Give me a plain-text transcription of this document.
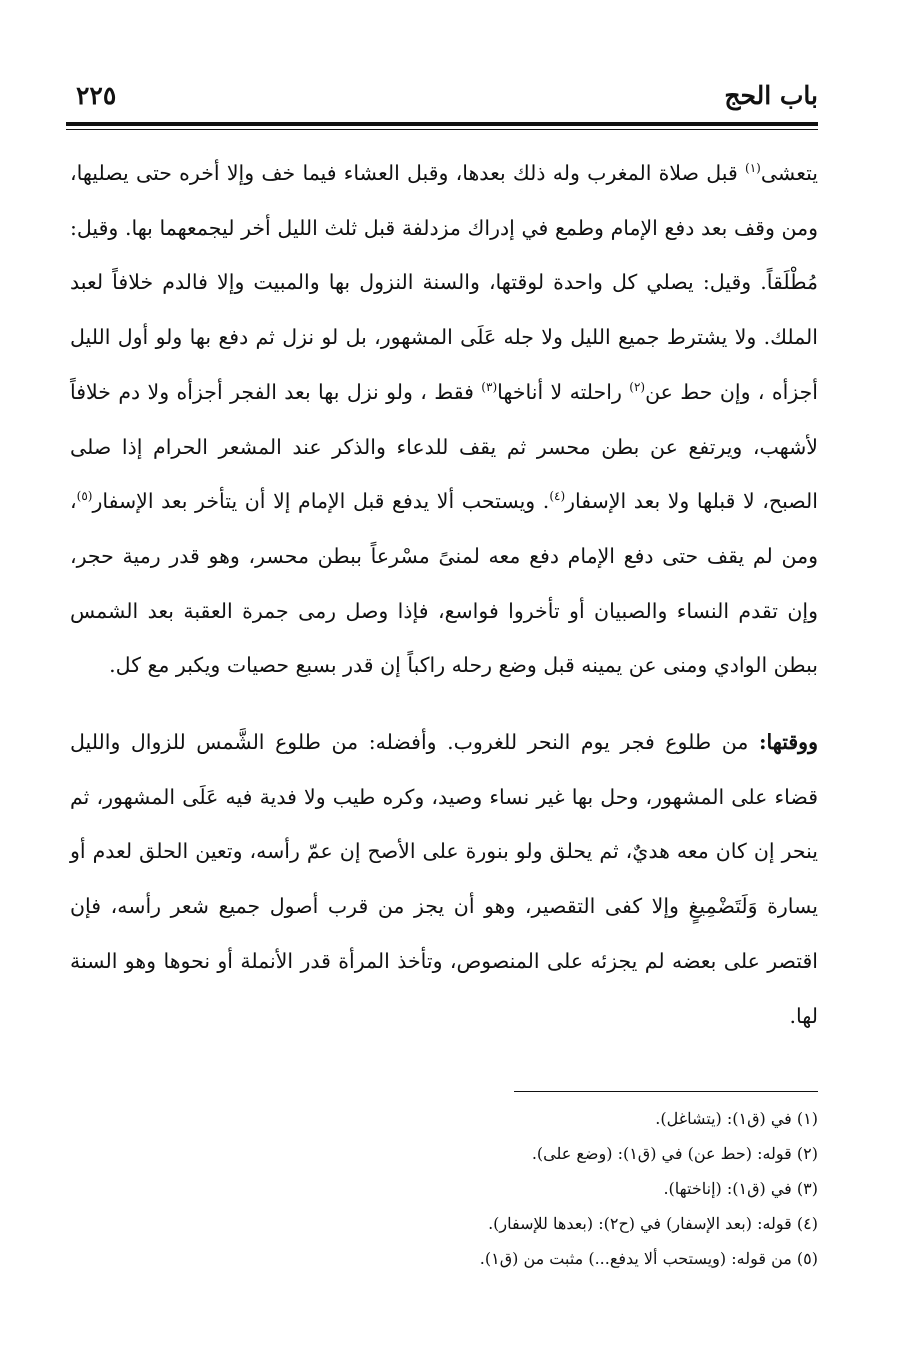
باب الحج
٢٢٥

يتعشى$^{(١)}$ قبل صلاة المغرب وله ذلك بعدها، وقبل العشاء فيما خف وإلا أخره حتى يصليها، ومن وقف بعد دفع الإمام وطمع في إدراك مزدلفة قبل ثلث الليل أخر ليجمعهما بها. وقيل: مُطْلَقاً. وقيل: يصلي كل واحدة لوقتها، والسنة النزول بها والمبيت وإلا فالدم خلافاً لعبد الملك. ولا يشترط جميع الليل ولا جله عَلَى المشهور، بل لو نزل ثم دفع بها ولو أول الليل أجزأه ، وإن حط عن$^{(٢)}$ راحلته لا أناخها$^{(٣)}$ فقط ، ولو نزل بها بعد الفجر أجزأه ولا دم خلافاً لأشهب، ويرتفع عن بطن محسر ثم يقف للدعاء والذكر عند المشعر الحرام إذا صلى الصبح، لا قبلها ولا بعد الإسفار$^{(٤)}$. ويستحب ألا يدفع قبل الإمام إلا أن يتأخر بعد الإسفار$^{(٥)}$، ومن لم يقف حتى دفع الإمام دفع معه لمنىً مسْرعاً ببطن محسر، وهو قدر رمية حجر، وإن تقدم النساء والصبيان أو تأخروا فواسع، فإذا وصل رمى جمرة العقبة بعد الشمس ببطن الوادي ومنى عن يمينه قبل وضع رحله راكباً إن قدر بسبع حصيات ويكبر مع كل.

ووقتها: من طلوع فجر يوم النحر للغروب. وأفضله: من طلوع الشَّمس للزوال والليل قضاء على المشهور، وحل بها غير نساء وصيد، وكره طيب ولا فدية فيه عَلَى المشهور، ثم ينحر إن كان معه هديٌ، ثم يحلق ولو بنورة على الأصح إن عمّ رأسه، وتعين الحلق لعدم أو يسارة وَلَتَضْمِيغٍ وإلا كفى التقصير، وهو أن يجز من قرب أصول جميع شعر رأسه، فإن اقتصر على بعضه لم يجزئه على المنصوص، وتأخذ المرأة قدر الأنملة أو نحوها وهو السنة لها.

(١) في (ق١): (يتشاغل).

(٢) قوله: (حط عن) في (ق١): (وضع على).

(٣) في (ق١): (إناختها).

(٤) قوله: (بعد الإسفار) في (ح٢): (بعدها للإسفار).

(٥) من قوله: (ويستحب ألا يدفع...) مثبت من (ق١).
